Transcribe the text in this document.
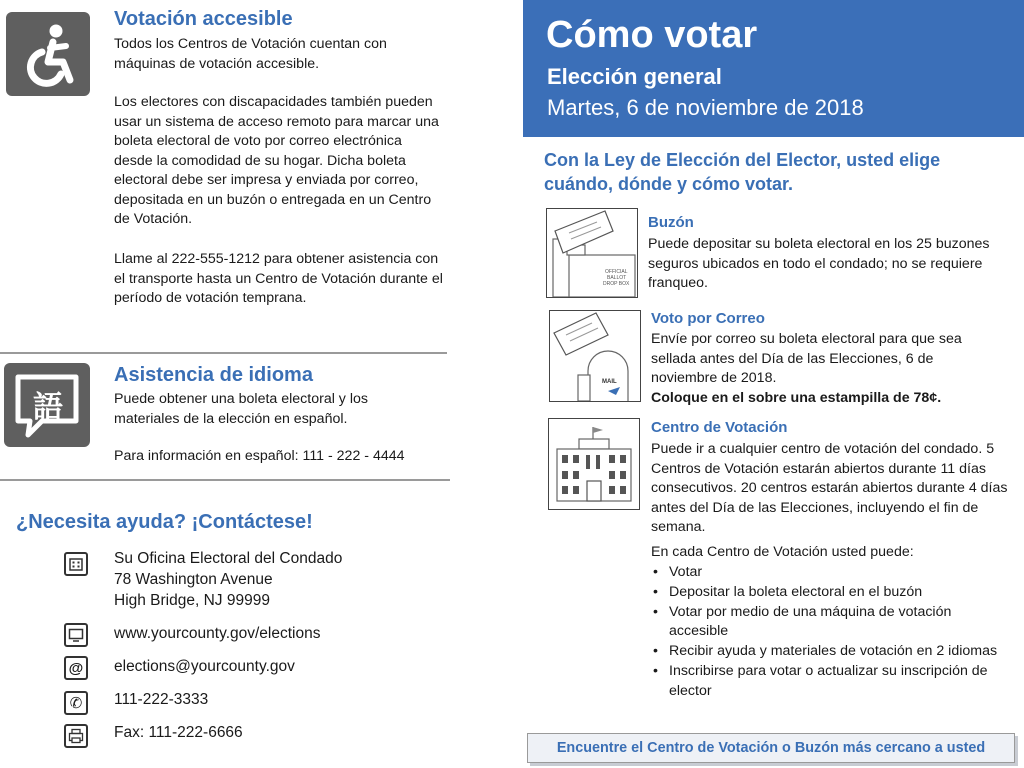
Votación accesible
Todos los Centros de Votación cuentan con máquinas de votación accesible.
Los electores con discapacidades también pueden usar un sistema de acceso remoto para marcar una boleta electoral de voto por correo electrónica desde la comodidad de su hogar. Dicha boleta electoral debe ser impresa y enviada por correo, depositada en un buzón o entregada en un Centro de Votación.
Llame al 222-555-1212 para obtener asistencia con el transporte hasta un Centro de Votación durante el período de votación temprana.
語
Asistencia de idioma
Puede obtener una boleta electoral y los materiales de la elección en español.
Para información en español: 111 - 222 - 4444
¿Necesita ayuda? ¡Contáctese!
Su Oficina Electoral del Condado
78 Washington Avenue
High Bridge, NJ 99999
www.yourcounty.gov/elections
@ elections@yourcounty.gov
✆ 111-222-3333
Fax: 111-222-6666
Cómo votar
Elección general
Martes, 6 de noviembre de 2018
Con la Ley de Elección del Elector, usted elige cuándo, dónde y cómo votar.
OFFICIAL
BALLOT
DROP BOX
Buzón
Puede depositar su boleta electoral en los 25 buzones seguros ubicados en todo el condado; no se requiere franqueo.
MAIL
Voto por Correo
Envíe por correo su boleta electoral para que sea sellada antes del Día de las Elecciones, 6 de noviembre de 2018.
Coloque en el sobre una estampilla de 78¢.
Centro de Votación
Puede ir a cualquier centro de votación del condado. 5 Centros de Votación estarán abiertos durante 11 días consecutivos. 20 centros estarán abiertos durante 4 días antes del Día de las Elecciones, incluyendo el fin de semana.
En cada Centro de Votación usted puede:
• Votar
• Depositar la boleta electoral en el buzón
• Votar por medio de una máquina de votación accesible
• Recibir ayuda y materiales de votación en 2 idiomas
• Inscribirse para votar o actualizar su inscripción de elector
Encuentre el Centro de Votación o Buzón más cercano a usted
